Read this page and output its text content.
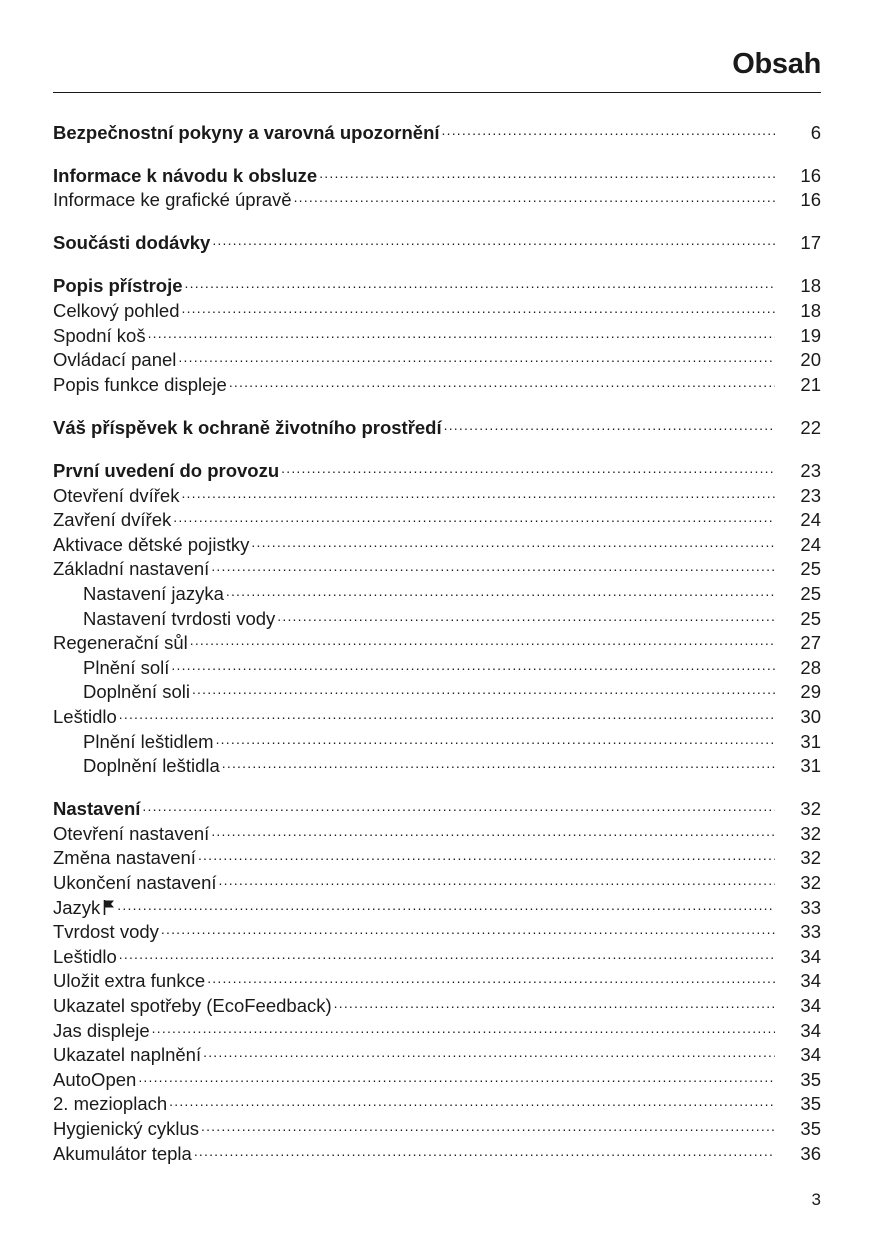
Obsah
Bezpečnostní pokyny a varovná upozornění .....	6
Informace k návodu k obsluze .....	16
Informace ke grafické úpravě .....	16
Součásti dodávky .....	17
Popis přístroje .....	18
Celkový pohled .....	18
Spodní koš .....	19
Ovládací panel .....	20
Popis funkce displeje .....	21
Váš příspěvek k ochraně životního prostředí .....	22
První uvedení do provozu .....	23
Otevření dvířek .....	23
Zavření dvířek .....	24
Aktivace dětské pojistky .....	24
Základní nastavení .....	25
Nastavení jazyka .....	25
Nastavení tvrdosti vody .....	25
Regenerační sůl .....	27
Plnění solí .....	28
Doplnění soli .....	29
Leštidlo .....	30
Plnění leštidlem .....	31
Doplnění leštidla .....	31
Nastavení .....	32
Otevření nastavení .....	32
Změna nastavení .....	32
Ukončení nastavení .....	32
Jazyk .....	33
Tvrdost vody .....	33
Leštidlo .....	34
Uložit extra funkce .....	34
Ukazatel spotřeby (EcoFeedback) .....	34
Jas displeje .....	34
Ukazatel naplnění .....	34
AutoOpen .....	35
2. mezioplach .....	35
Hygienický cyklus .....	35
Akumulátor tepla .....	36
3
